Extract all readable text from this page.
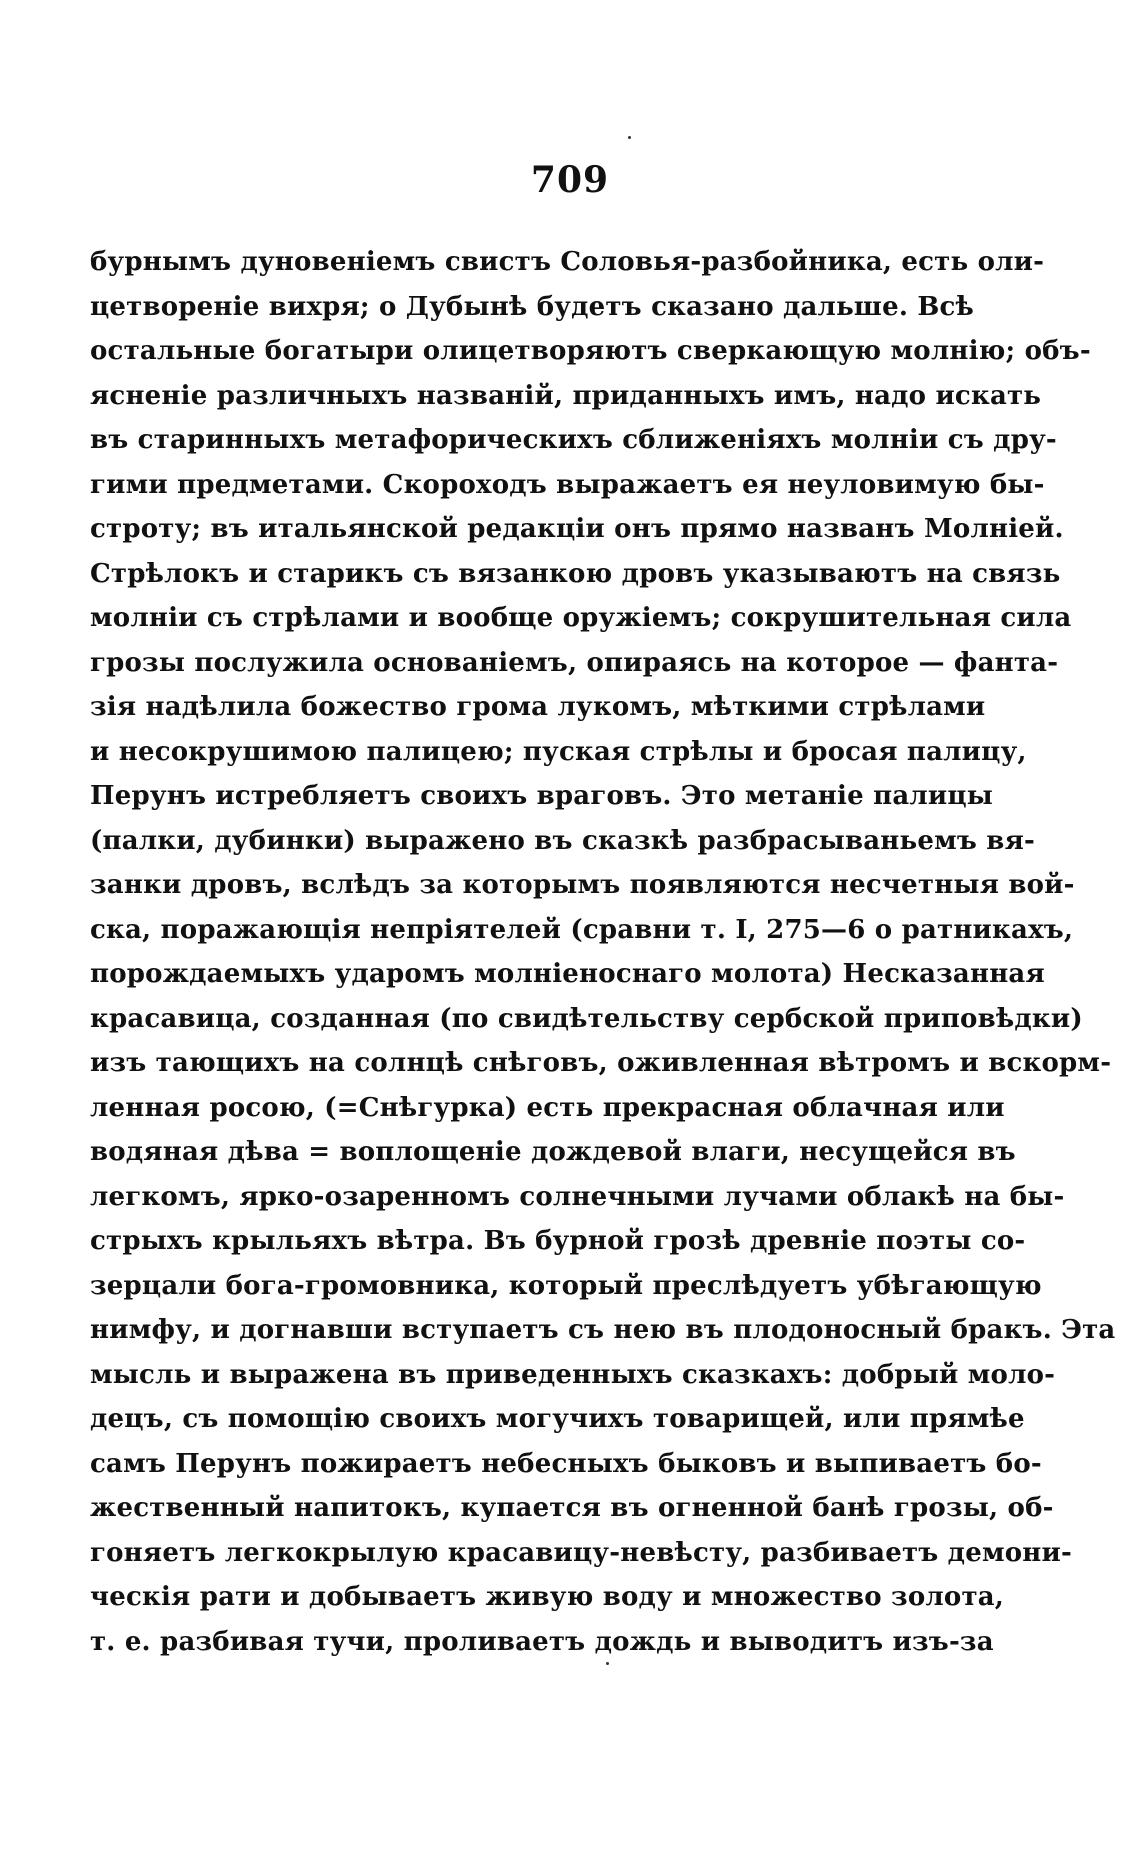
709
бурнымъ дуновеніемъ свистъ Соловья-разбойника, есть оли-
цетвореніе вихря; о Дубынѣ будетъ сказано дальше. Всѣ
остальные богатыри олицетворяютъ сверкающую молнію; объ-
ясненіе различныхъ названій, приданныхъ имъ, надо искать
въ старинныхъ метафорическихъ сближеніяхъ молніи съ дру-
гими предметами. Скороходъ выражаетъ ея неуловимую бы-
строту; въ итальянской редакціи онъ прямо названъ Молніей.
Стрѣлокъ и старикъ съ вязанкою дровъ указываютъ на связь
молніи съ стрѣлами и вообще оружіемъ; сокрушительная сила
грозы послужила основаніемъ, опираясь на которое — фанта-
зія надѣлила божество грома лукомъ, мѣткими стрѣлами
и несокрушимою палицею; пуская стрѣлы и бросая палицу,
Перунъ истребляетъ своихъ враговъ. Это метаніе палицы
(палки, дубинки) выражено въ сказкѣ разбрасываньемъ вя-
занки дровъ, вслѣдъ за которымъ появляются несчетныя вой-
ска, поражающія непріятелей (сравни т. I, 275—6 о ратникахъ,
порождаемыхъ ударомъ молніеноснаго молота) Несказанная
красавица, созданная (по свидѣтельству сербской приповѣдки)
изъ тающихъ на солнцѣ снѣговъ, оживленная вѣтромъ и вскорм-
ленная росою, (=Снѣгурка) есть прекрасная облачная или
водяная дѣва = воплощеніе дождевой влаги, несущейся въ
легкомъ, ярко-озаренномъ солнечными лучами облакѣ на бы-
стрыхъ крыльяхъ вѣтра. Въ бурной грозѣ древніе поэты со-
зерцали бога-громовника, который преслѣдуетъ убѣгающую
нимфу, и догнавши вступаетъ съ нею въ плодоносный бракъ. Эта
мысль и выражена въ приведенныхъ сказкахъ: добрый моло-
децъ, съ помощію своихъ могучихъ товарищей, или прямѣе
самъ Перунъ пожираетъ небесныхъ быковъ и выпиваетъ бо-
жественный напитокъ, купается въ огненной банѣ грозы, об-
гоняетъ легкокрылую красавицу-невѣсту, разбиваетъ демони-
ческія рати и добываетъ живую воду и множество золота,
т. е. разбивая тучи, проливаетъ дождь и выводитъ изъ-за
